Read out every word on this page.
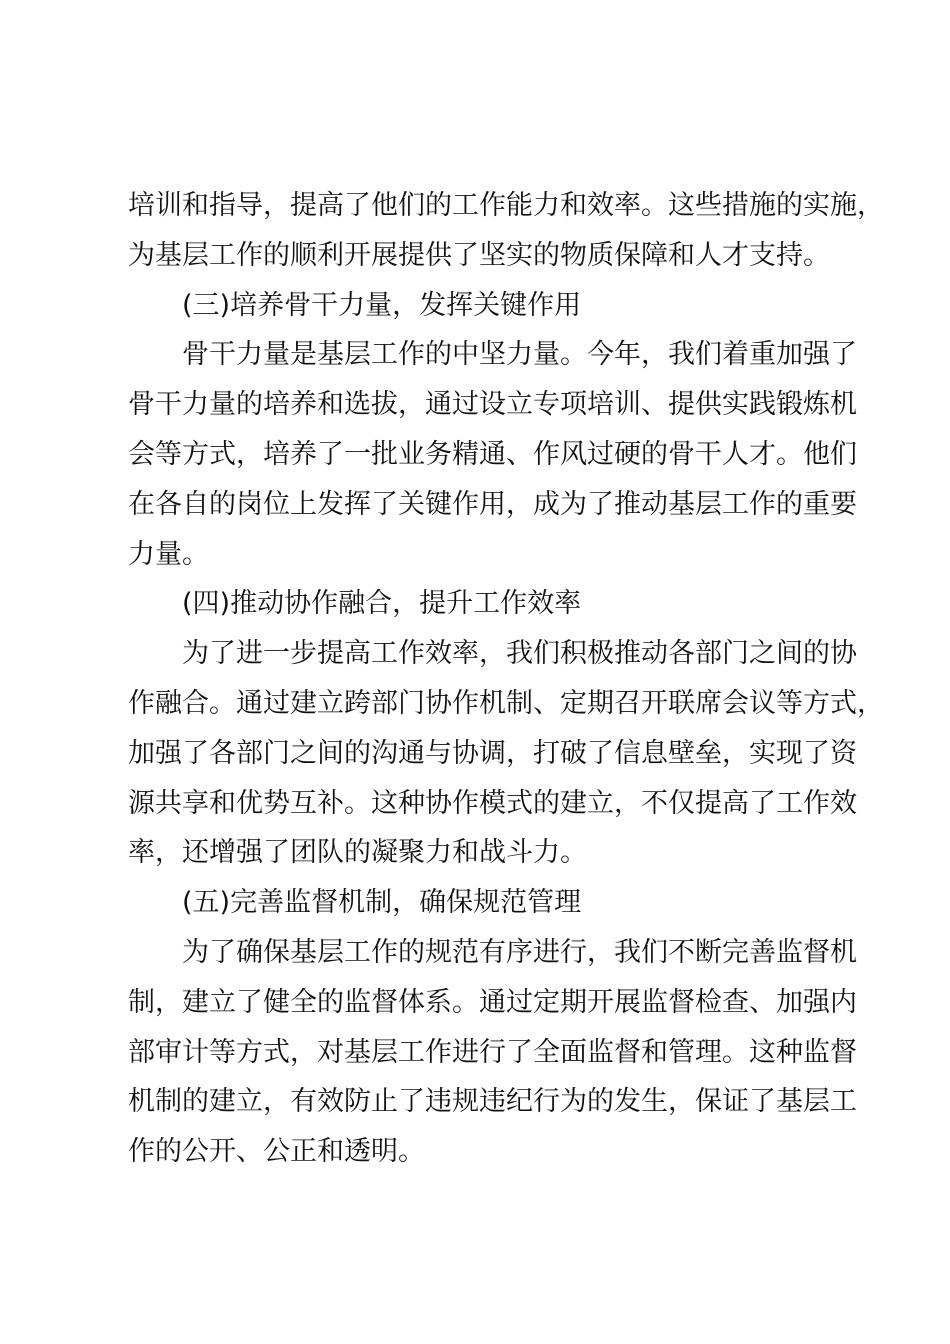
培训和指导，提高了他们的工作能力和效率。这些措施的实施，
为基层工作的顺利开展提供了坚实的物质保障和人才支持。
(三)培养骨干力量，发挥关键作用
骨干力量是基层工作的中坚力量。今年，我们着重加强了
骨干力量的培养和选拔，通过设立专项培训、提供实践锻炼机
会等方式，培养了一批业务精通、作风过硬的骨干人才。他们
在各自的岗位上发挥了关键作用，成为了推动基层工作的重要
力量。
(四)推动协作融合，提升工作效率
为了进一步提高工作效率，我们积极推动各部门之间的协
作融合。通过建立跨部门协作机制、定期召开联席会议等方式，
加强了各部门之间的沟通与协调，打破了信息壁垒，实现了资
源共享和优势互补。这种协作模式的建立，不仅提高了工作效
率，还增强了团队的凝聚力和战斗力。
(五)完善监督机制，确保规范管理
为了确保基层工作的规范有序进行，我们不断完善监督机
制，建立了健全的监督体系。通过定期开展监督检查、加强内
部审计等方式，对基层工作进行了全面监督和管理。这种监督
机制的建立，有效防止了违规违纪行为的发生，保证了基层工
作的公开、公正和透明。
